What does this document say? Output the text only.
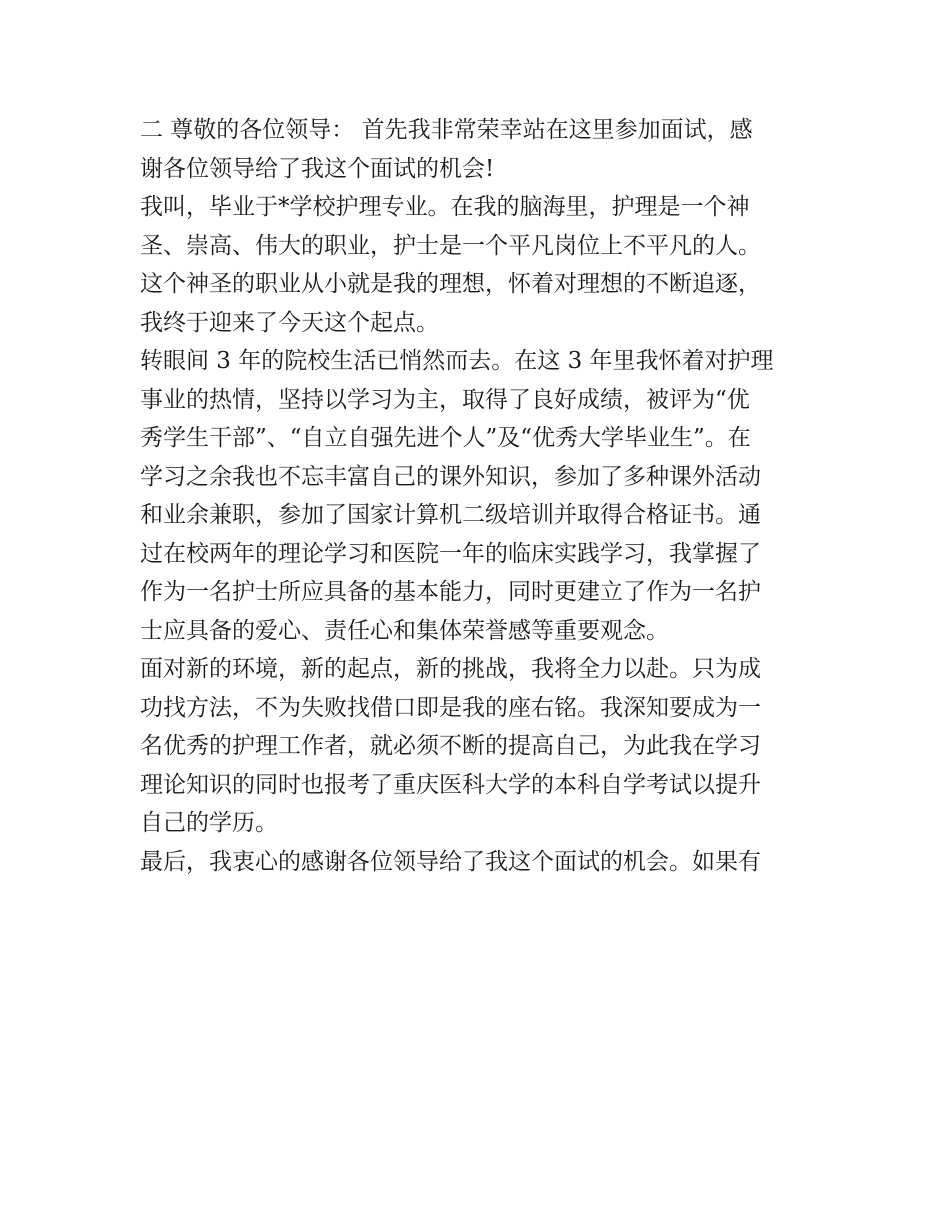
二 尊敬的各位领导： 首先我非常荣幸站在这里参加面试，感
谢各位领导给了我这个面试的机会!
我叫，毕业于*学校护理专业。在我的脑海里，护理是一个神
圣、崇高、伟大的职业，护士是一个平凡岗位上不平凡的人。
这个神圣的职业从小就是我的理想，怀着对理想的不断追逐，
我终于迎来了今天这个起点。
转眼间 3 年的院校生活已悄然而去。在这 3 年里我怀着对护理
事业的热情，坚持以学习为主，取得了良好成绩，被评为“优
秀学生干部”、“自立自强先进个人”及“优秀大学毕业生”。在
学习之余我也不忘丰富自己的课外知识，参加了多种课外活动
和业余兼职，参加了国家计算机二级培训并取得合格证书。通
过在校两年的理论学习和医院一年的临床实践学习，我掌握了
作为一名护士所应具备的基本能力，同时更建立了作为一名护
士应具备的爱心、责任心和集体荣誉感等重要观念。
面对新的环境，新的起点，新的挑战，我将全力以赴。只为成
功找方法，不为失败找借口即是我的座右铭。我深知要成为一
名优秀的护理工作者，就必须不断的提高自己，为此我在学习
理论知识的同时也报考了重庆医科大学的本科自学考试以提升
自己的学历。
最后，我衷心的感谢各位领导给了我这个面试的机会。如果有
